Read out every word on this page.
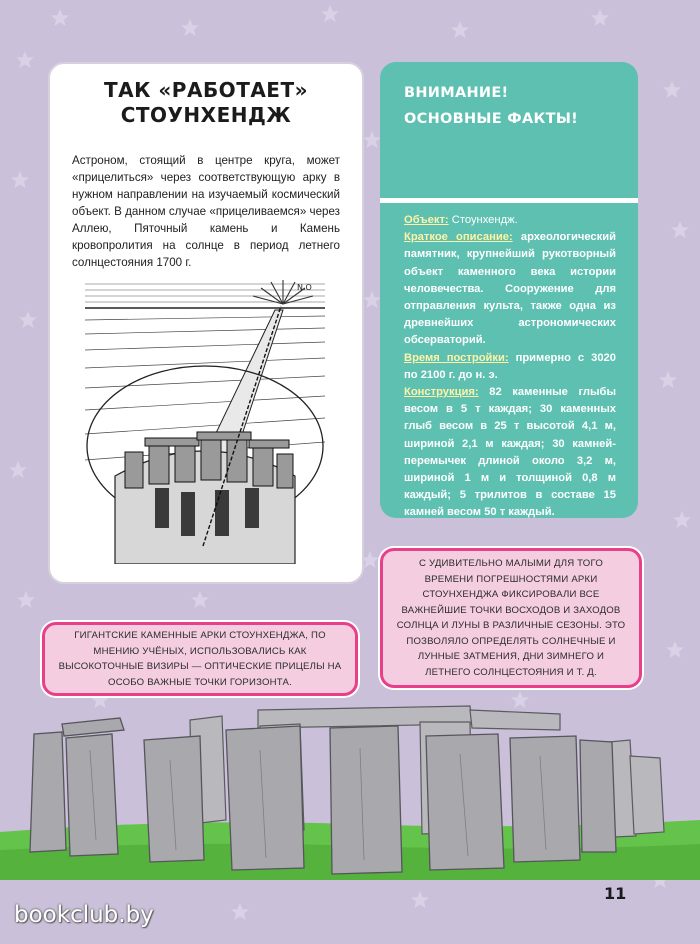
ТАК «РАБОТАЕТ»
СТОУНХЕНДЖ

Астроном, стоящий в центре круга, может «прицелиться» через соответствующую арку в нужном направлении на изучаемый космический объект. В данном случае «прицеливаемся» через Аллею, Пяточный камень и Камень кровопролития на солнце в период летнего солнцестояния 1700 г.

N.O
ВНИМАНИЕ!
ОСНОВНЫЕ ФАКТЫ!

Объект: Стоунхендж.

Краткое описание: археологический памятник, крупнейший рукотворный объект каменного века истории человечества. Сооружение для отправления культа, также одна из древнейших астрономических обсерваторий.

Время постройки: примерно с 3020 по 2100 г. до н. э.

Конструкция: 82 каменные глыбы весом в 5 т каждая; 30 каменных глыб весом в 25 т высотой 4,1 м, шириной 2,1 м каждая; 30 камней-перемычек длиной около 3,2 м, шириной 1 м и толщиной 0,8 м каждый; 5 трилитов в составе 15 камней весом 50 т каждый.

С УДИВИТЕЛЬНО МАЛЫМИ ДЛЯ ТОГО ВРЕМЕНИ ПОГРЕШНОСТЯМИ АРКИ СТОУНХЕНДЖА ФИКСИРОВАЛИ ВСЕ ВАЖНЕЙШИЕ ТОЧКИ ВОСХОДОВ И ЗАХОДОВ СОЛНЦА И ЛУНЫ В РАЗЛИЧНЫЕ СЕЗОНЫ. ЭТО ПОЗВОЛЯЛО ОПРЕДЕЛЯТЬ СОЛНЕЧНЫЕ И ЛУННЫЕ ЗАТМЕНИЯ, ДНИ ЗИМНЕГО И ЛЕТНЕГО СОЛНЦЕСТОЯНИЯ И Т. Д.

ГИГАНТСКИЕ КАМЕННЫЕ АРКИ СТОУНХЕНДЖА, ПО МНЕНИЮ УЧЁНЫХ, ИСПОЛЬЗОВАЛИСЬ КАК ВЫСОКОТОЧНЫЕ ВИЗИРЫ — ОПТИЧЕСКИЕ ПРИЦЕЛЫ НА ОСОБО ВАЖНЫЕ ТОЧКИ ГОРИЗОНТА.

11
bookclub.by
